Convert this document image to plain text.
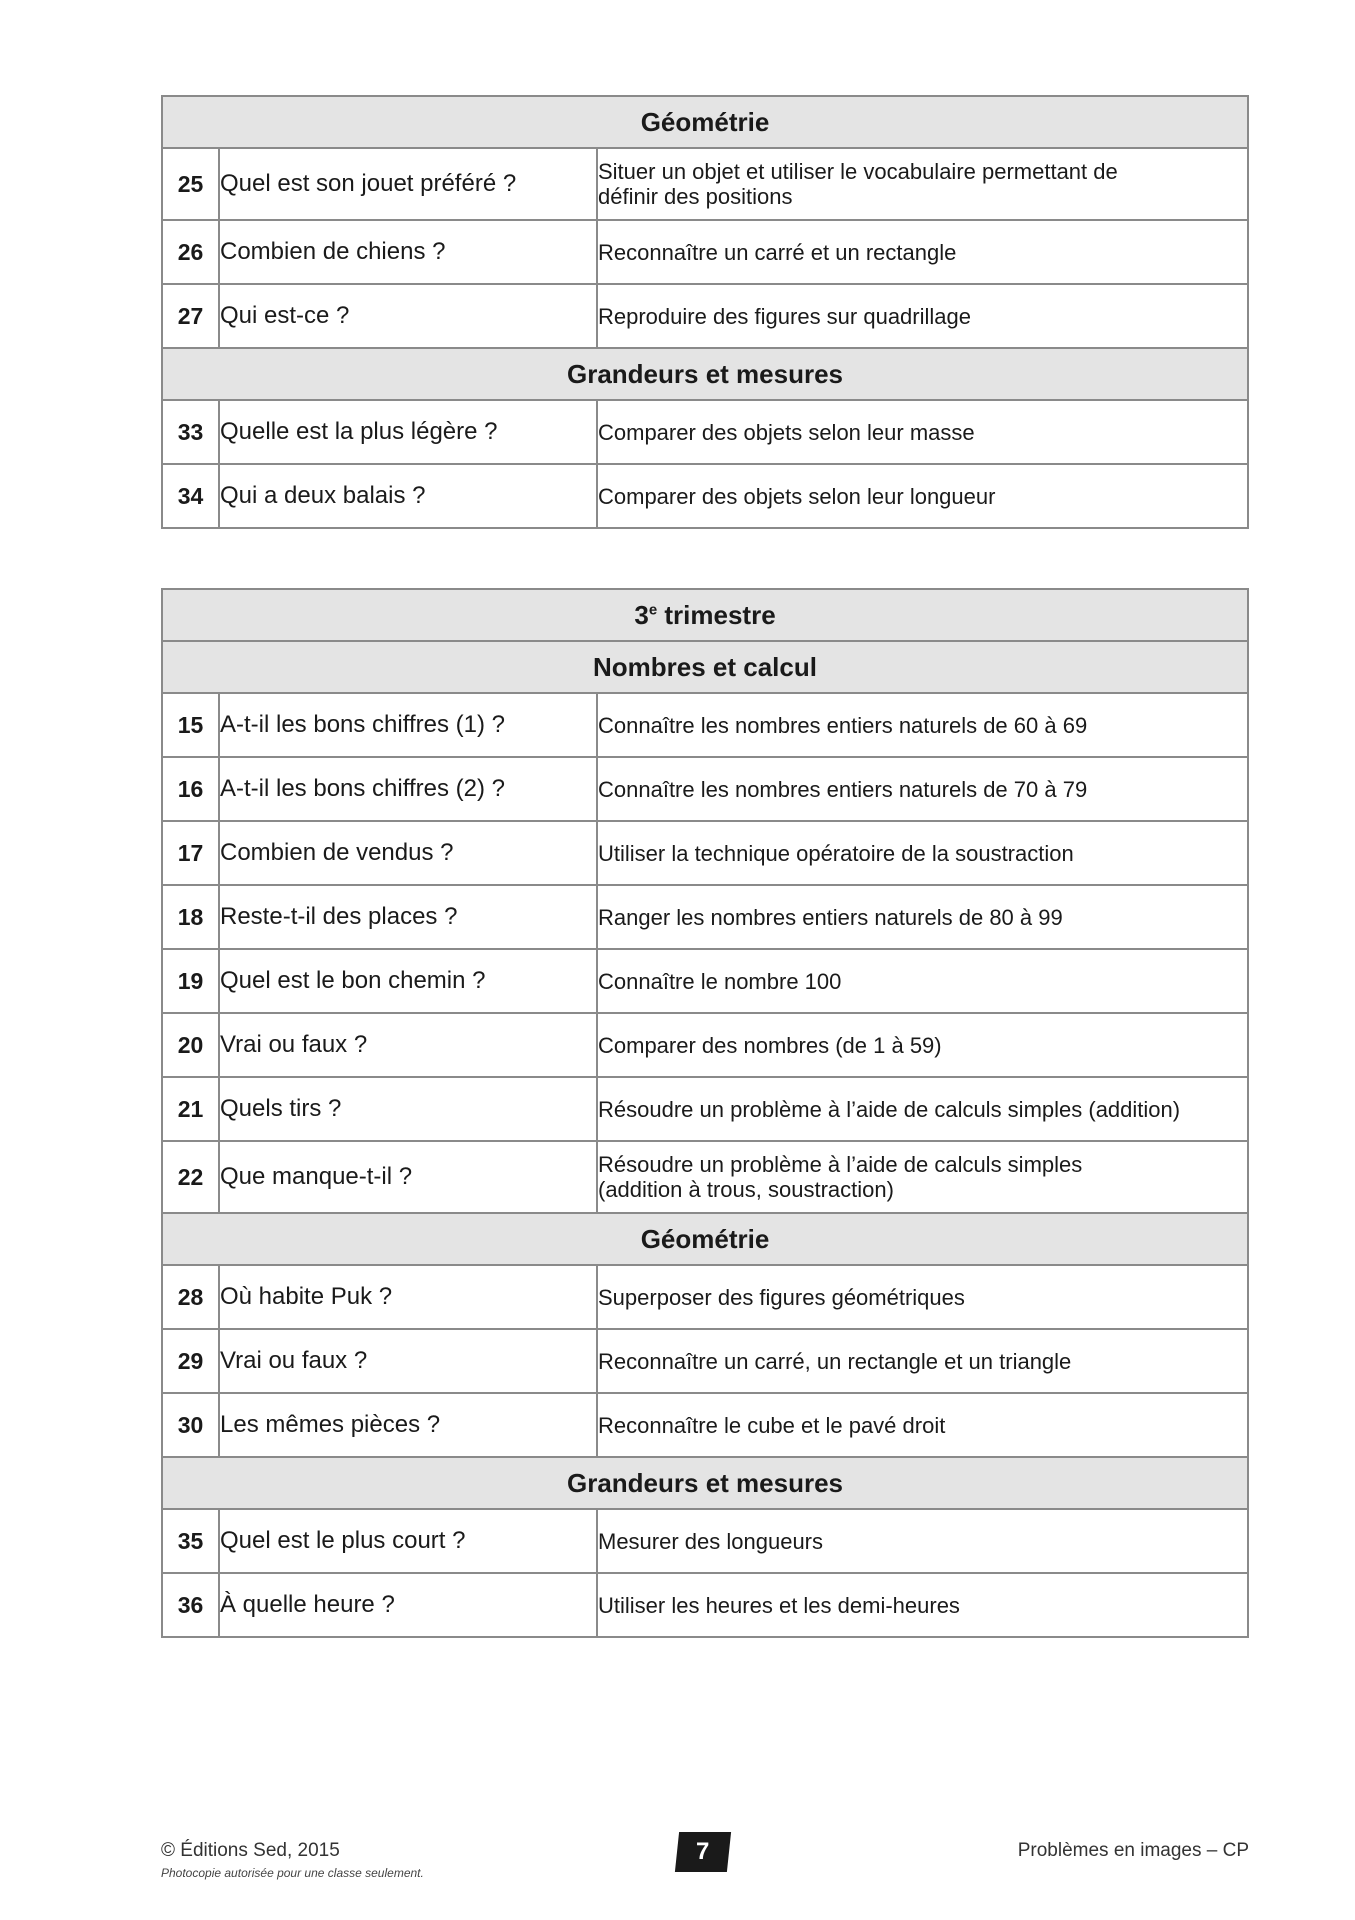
Géométrie		
25	Quel est son jouet préféré ?	Situer un objet et utiliser le vocabulaire permettant de définir des positions
26	Combien de chiens ?	Reconnaître un carré et un rectangle
27	Qui est-ce ?	Reproduire des figures sur quadrillage
Grandeurs et mesures		
33	Quelle est la plus légère ?	Comparer des objets selon leur masse
34	Qui a deux balais ?	Comparer des objets selon leur longueur
3e trimestre		
Nombres et calcul		
15	A-t-il les bons chiffres (1) ?	Connaître les nombres entiers naturels de 60 à 69
16	A-t-il les bons chiffres (2) ?	Connaître les nombres entiers naturels de 70 à 79
17	Combien de vendus ?	Utiliser la technique opératoire de la soustraction
18	Reste-t-il des places ?	Ranger les nombres entiers naturels de 80 à 99
19	Quel est le bon chemin ?	Connaître le nombre 100
20	Vrai ou faux ?	Comparer des nombres (de 1 à 59)
21	Quels tirs ?	Résoudre un problème à l’aide de calculs simples (addition)
22	Que manque-t-il ?	Résoudre un problème à l’aide de calculs simples (addition à trous, soustraction)
Géométrie		
28	Où habite Puk ?	Superposer des figures géométriques
29	Vrai ou faux ?	Reconnaître un carré, un rectangle et un triangle
30	Les mêmes pièces ?	Reconnaître le cube et le pavé droit
Grandeurs et mesures		
35	Quel est le plus court ?	Mesurer des longueurs
36	À quelle heure ?	Utiliser les heures et les demi-heures
© Éditions Sed, 2015
Photocopie autorisée pour une classe seulement.
7	Problèmes en images – CP
